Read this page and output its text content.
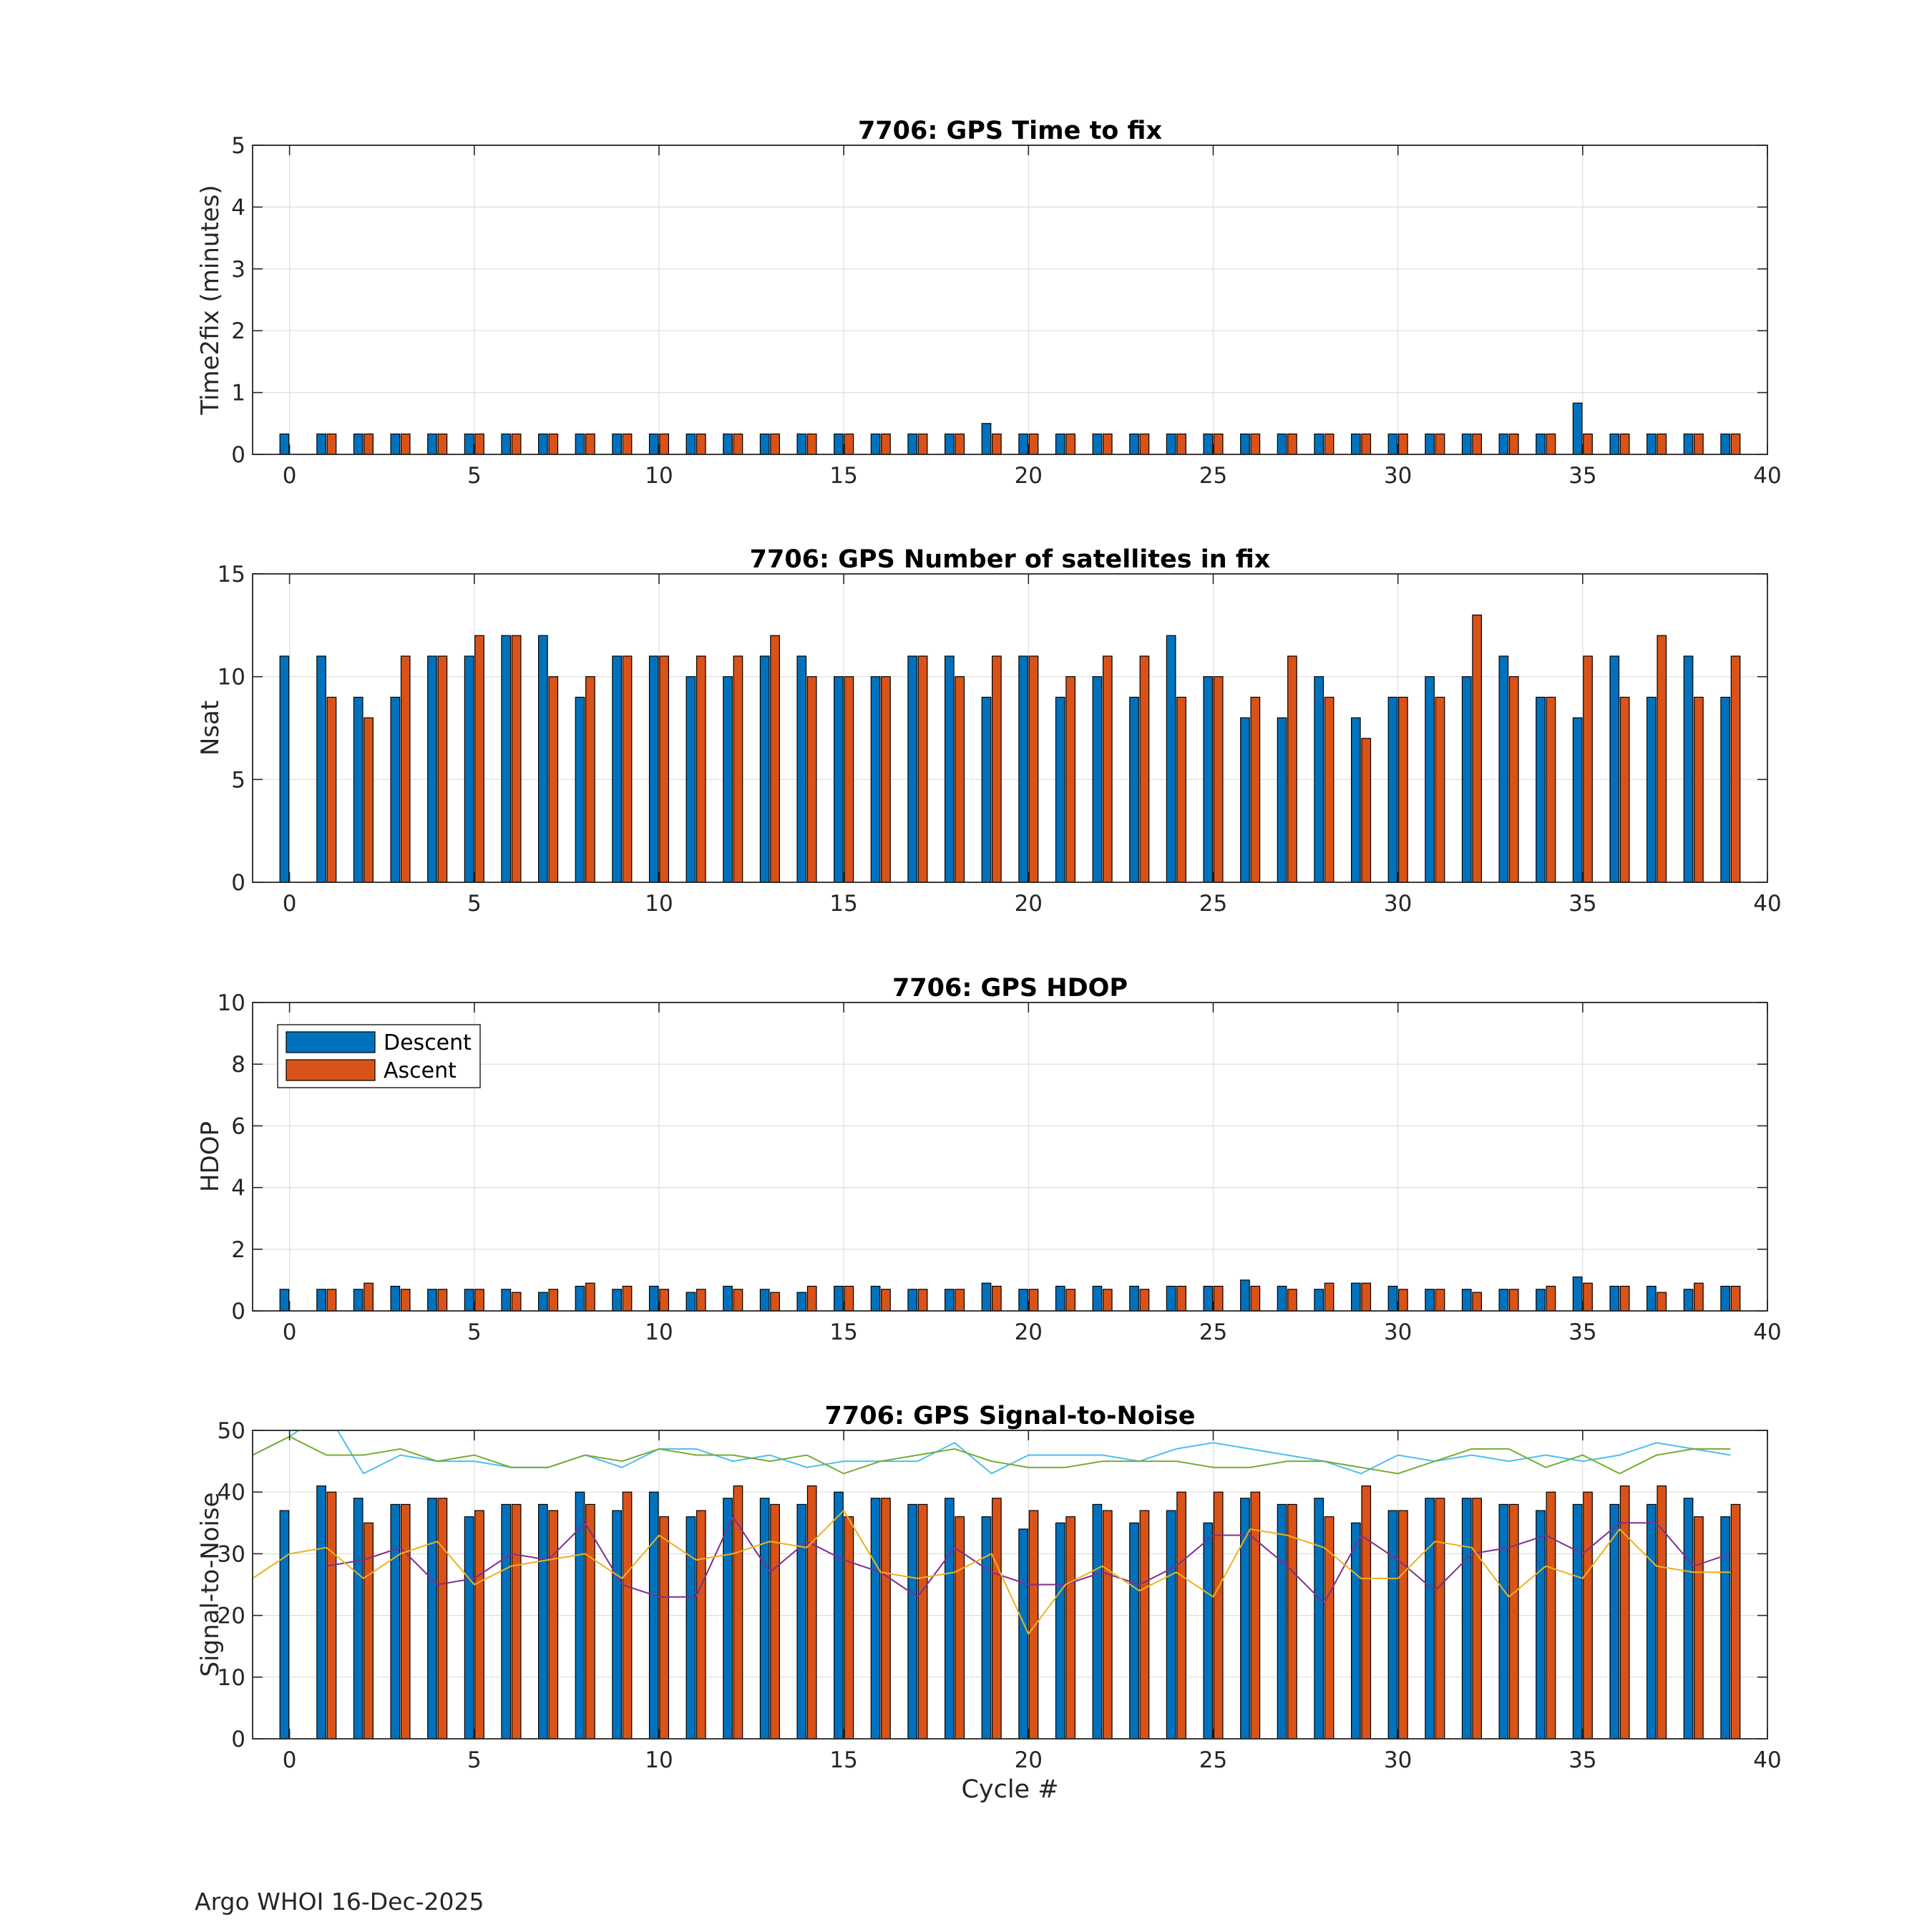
0	5	10	15	20	25	30	35	40
0
1
2
3
4
5
7706: GPS Time to fix
Time2fix (minutes)
0	5	10	15	20	25	30	35	40
0
5
10
15
7706: GPS Number of satellites in fix
Nsat
0	5	10	15	20	25	30	35	40
0
2
4
6
8
10
7706: GPS HDOP
HDOP
Descent
Ascent
0	5	10	15	20	25	30	35	40
0
10
20
30
40
50
7706: GPS Signal-to-Noise
Signal-to-Noise
Cycle #
Argo WHOI 16-Dec-2025
